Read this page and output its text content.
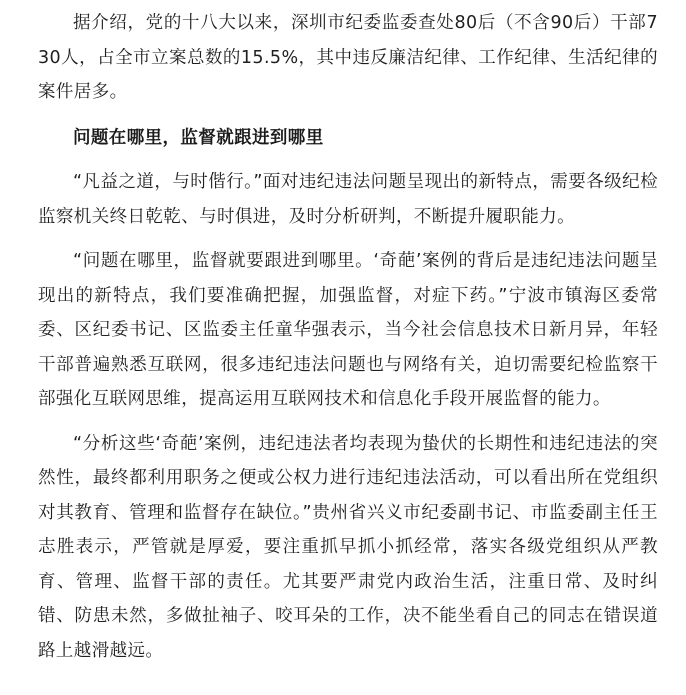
据介绍，党的十八大以来，深圳市纪委监委查处80后（不含90后）干部730人，占全市立案总数的15.5%，其中违反廉洁纪律、工作纪律、生活纪律的案件居多。

问题在哪里，监督就跟进到哪里

“凡益之道，与时偕行。”面对违纪违法问题呈现出的新特点，需要各级纪检监察机关终日乾乾、与时俱进，及时分析研判，不断提升履职能力。

“问题在哪里，监督就要跟进到哪里。‘奇葩’案例的背后是违纪违法问题呈现出的新特点，我们要准确把握，加强监督，对症下药。”宁波市镇海区委常委、区纪委书记、区监委主任童华强表示，当今社会信息技术日新月异，年轻干部普遍熟悉互联网，很多违纪违法问题也与网络有关，迫切需要纪检监察干部强化互联网思维，提高运用互联网技术和信息化手段开展监督的能力。

“分析这些‘奇葩’案例，违纪违法者均表现为蛰伏的长期性和违纪违法的突然性，最终都利用职务之便或公权力进行违纪违法活动，可以看出所在党组织对其教育、管理和监督存在缺位。”贵州省兴义市纪委副书记、市监委副主任王志胜表示，严管就是厚爱，要注重抓早抓小抓经常，落实各级党组织从严教育、管理、监督干部的责任。尤其要严肃党内政治生活，注重日常、及时纠错、防患未然，多做扯袖子、咬耳朵的工作，决不能坐看自己的同志在错误道路上越滑越远。
